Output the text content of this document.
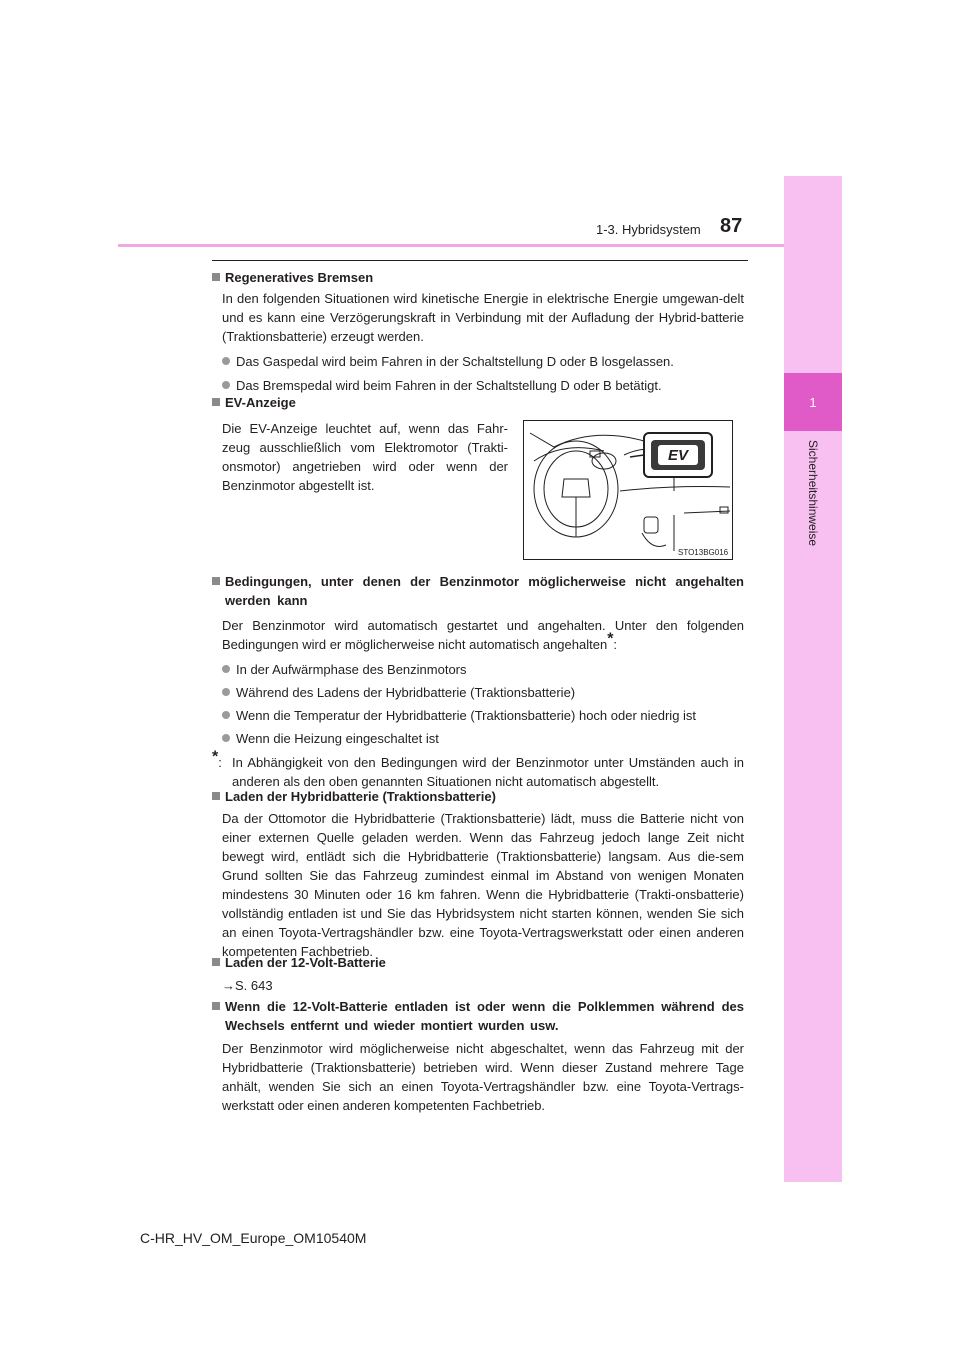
1
Sicherheitshinweise
1-3. Hybridsystem 87
Regeneratives Bremsen
In den folgenden Situationen wird kinetische Energie in elektrische Energie umgewan-delt und es kann eine Verzögerungskraft in Verbindung mit der Aufladung der Hybrid-batterie (Traktionsbatterie) erzeugt werden.
Das Gaspedal wird beim Fahren in der Schaltstellung D oder B losgelassen.
Das Bremspedal wird beim Fahren in der Schaltstellung D oder B betätigt.
EV-Anzeige
Die EV-Anzeige leuchtet auf, wenn das Fahr-zeug ausschließlich vom Elektromotor (Trakti-onsmotor) angetrieben wird oder wenn der Benzinmotor abgestellt ist.
EV
STO13BG016
Bedingungen, unter denen der Benzinmotor möglicherweise nicht angehalten werden kann
Der Benzinmotor wird automatisch gestartet und angehalten. Unter den folgenden Bedingungen wird er möglicherweise nicht automatisch angehalten*:
In der Aufwärmphase des Benzinmotors
Während des Ladens der Hybridbatterie (Traktionsbatterie)
Wenn die Temperatur der Hybridbatterie (Traktionsbatterie) hoch oder niedrig ist
Wenn die Heizung eingeschaltet ist
*: In Abhängigkeit von den Bedingungen wird der Benzinmotor unter Umständen auch in anderen als den oben genannten Situationen nicht automatisch abgestellt.
Laden der Hybridbatterie (Traktionsbatterie)
Da der Ottomotor die Hybridbatterie (Traktionsbatterie) lädt, muss die Batterie nicht von einer externen Quelle geladen werden. Wenn das Fahrzeug jedoch lange Zeit nicht bewegt wird, entlädt sich die Hybridbatterie (Traktionsbatterie) langsam. Aus die-sem Grund sollten Sie das Fahrzeug zumindest einmal im Abstand von wenigen Monaten mindestens 30 Minuten oder 16 km fahren. Wenn die Hybridbatterie (Trakti-onsbatterie) vollständig entladen ist und Sie das Hybridsystem nicht starten können, wenden Sie sich an einen Toyota-Vertragshändler bzw. eine Toyota-Vertragswerkstatt oder einen anderen kompetenten Fachbetrieb.
Laden der 12-Volt-Batterie
→S. 643
Wenn die 12-Volt-Batterie entladen ist oder wenn die Polklemmen während des Wechsels entfernt und wieder montiert wurden usw.
Der Benzinmotor wird möglicherweise nicht abgeschaltet, wenn das Fahrzeug mit der Hybridbatterie (Traktionsbatterie) betrieben wird. Wenn dieser Zustand mehrere Tage anhält, wenden Sie sich an einen Toyota-Vertragshändler bzw. eine Toyota-Vertrags-werkstatt oder einen anderen kompetenten Fachbetrieb.
C-HR_HV_OM_Europe_OM10540M
